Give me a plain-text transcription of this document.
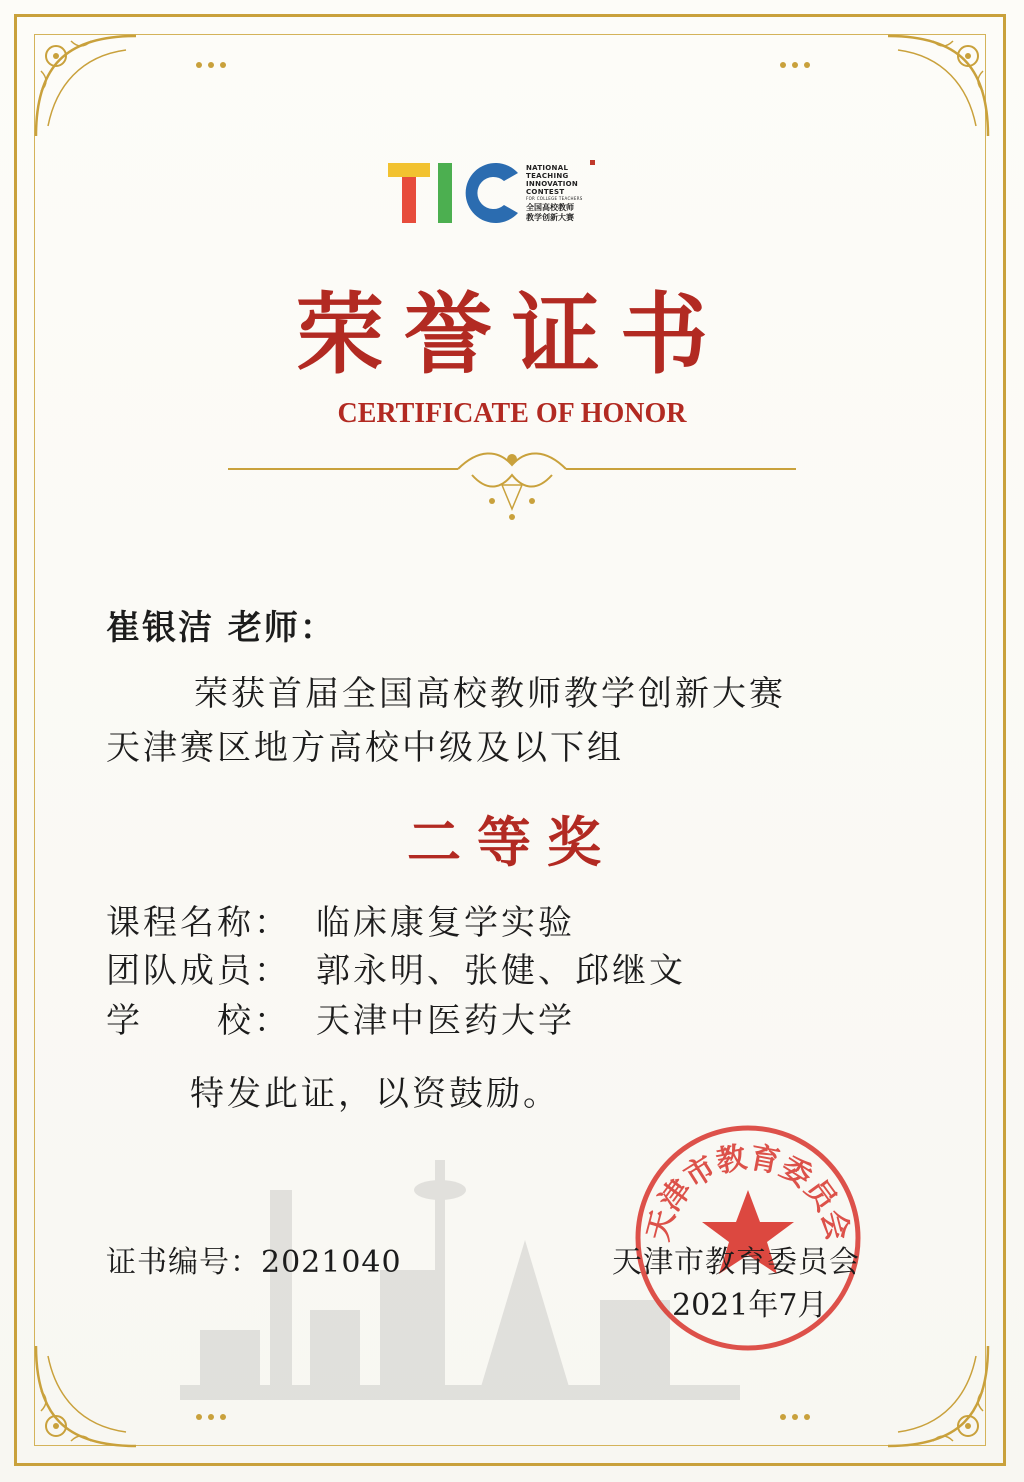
NATIONAL
TEACHING
INNOVATION
CONTEST
FOR COLLEGE TEACHERS
全国高校教师
教学创新大赛
荣誉证书
CERTIFICATE OF HONOR
崔银洁 老师：
荣获首届全国高校教师教学创新大赛
天津赛区地方高校中级及以下组
二等奖
课程名称： 临床康复学实验
团队成员： 郭永明、张健、邱继文
学　　校： 天津中医药大学
特发此证，以资鼓励。
天津市教育委员会
证书编号：2021040	天津市教育委员会
2021年7月
